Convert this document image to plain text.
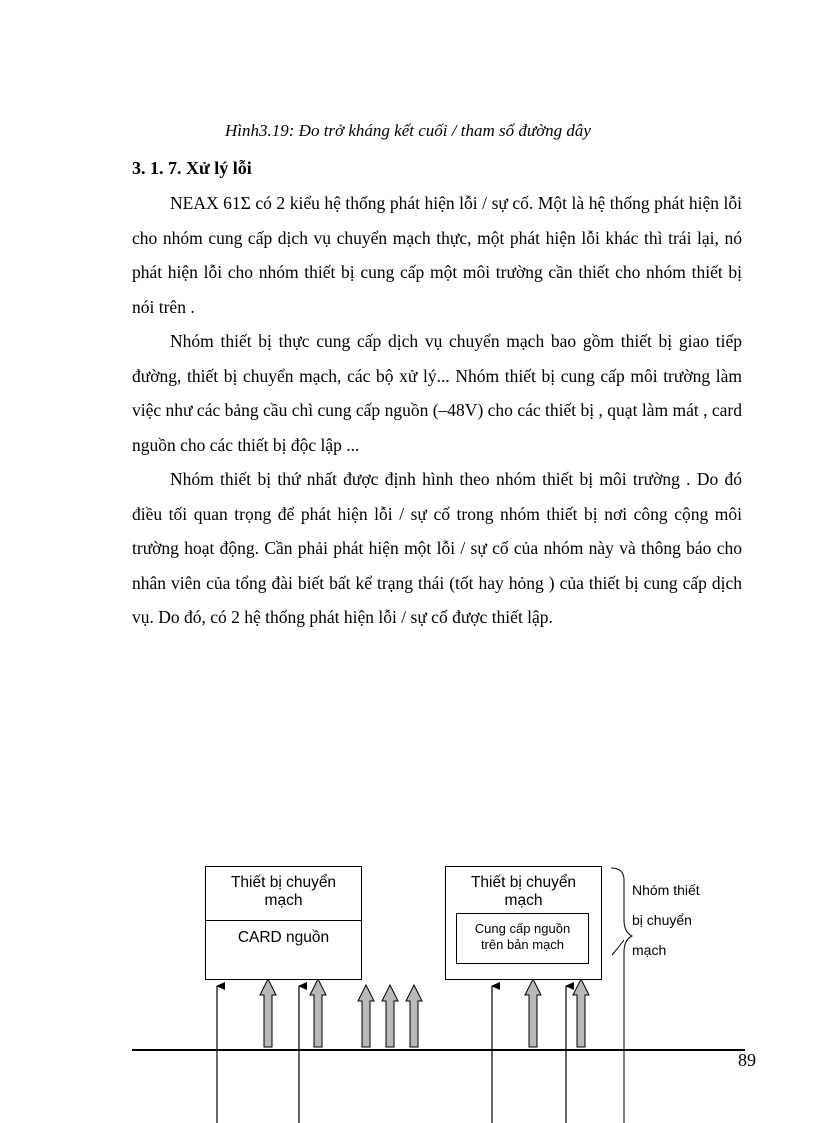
Hình3.19: Đo trở kháng kết cuối / tham số đường dây
3. 1. 7. Xử lý lỗi

NEAX 61Σ có 2 kiểu hệ thống phát hiện lỗi / sự cố. Một là hệ thống phát hiện lỗi cho nhóm cung cấp dịch vụ chuyển mạch thực, một phát hiện lỗi khác thì trái lại, nó phát hiện lỗi cho nhóm thiết bị cung cấp một môi trường cần thiết cho nhóm thiết bị nói trên .

Nhóm thiết bị thực cung cấp dịch vụ chuyển mạch bao gồm thiết bị giao tiếp đường, thiết bị chuyển mạch, các bộ xử lý... Nhóm thiết bị cung cấp môi trường làm việc như các bảng cầu chì cung cấp nguồn (–48V) cho các thiết bị , quạt làm mát , card nguồn cho các thiết bị độc lập ...

Nhóm thiết bị thứ nhất được định hình theo nhóm thiết bị môi trường . Do đó điều tối quan trọng để phát hiện lỗi / sự cố trong nhóm thiết bị nơi công cộng môi trường hoạt động. Cần phải phát hiện một lỗi / sự cố của nhóm này và thông báo cho nhân viên của tổng đài biết bất kể trạng thái (tốt hay hỏng ) của thiết bị cung cấp dịch vụ. Do đó, có 2 hệ thống phát hiện lỗi / sự cố được thiết lập.

Thiết bị chuyển
mạch
CARD nguồn
Thiết bị chuyển
mạch
Cung cấp nguồn
trên bản mạch
Nhóm thiết
bị chuyển
mạch
89
